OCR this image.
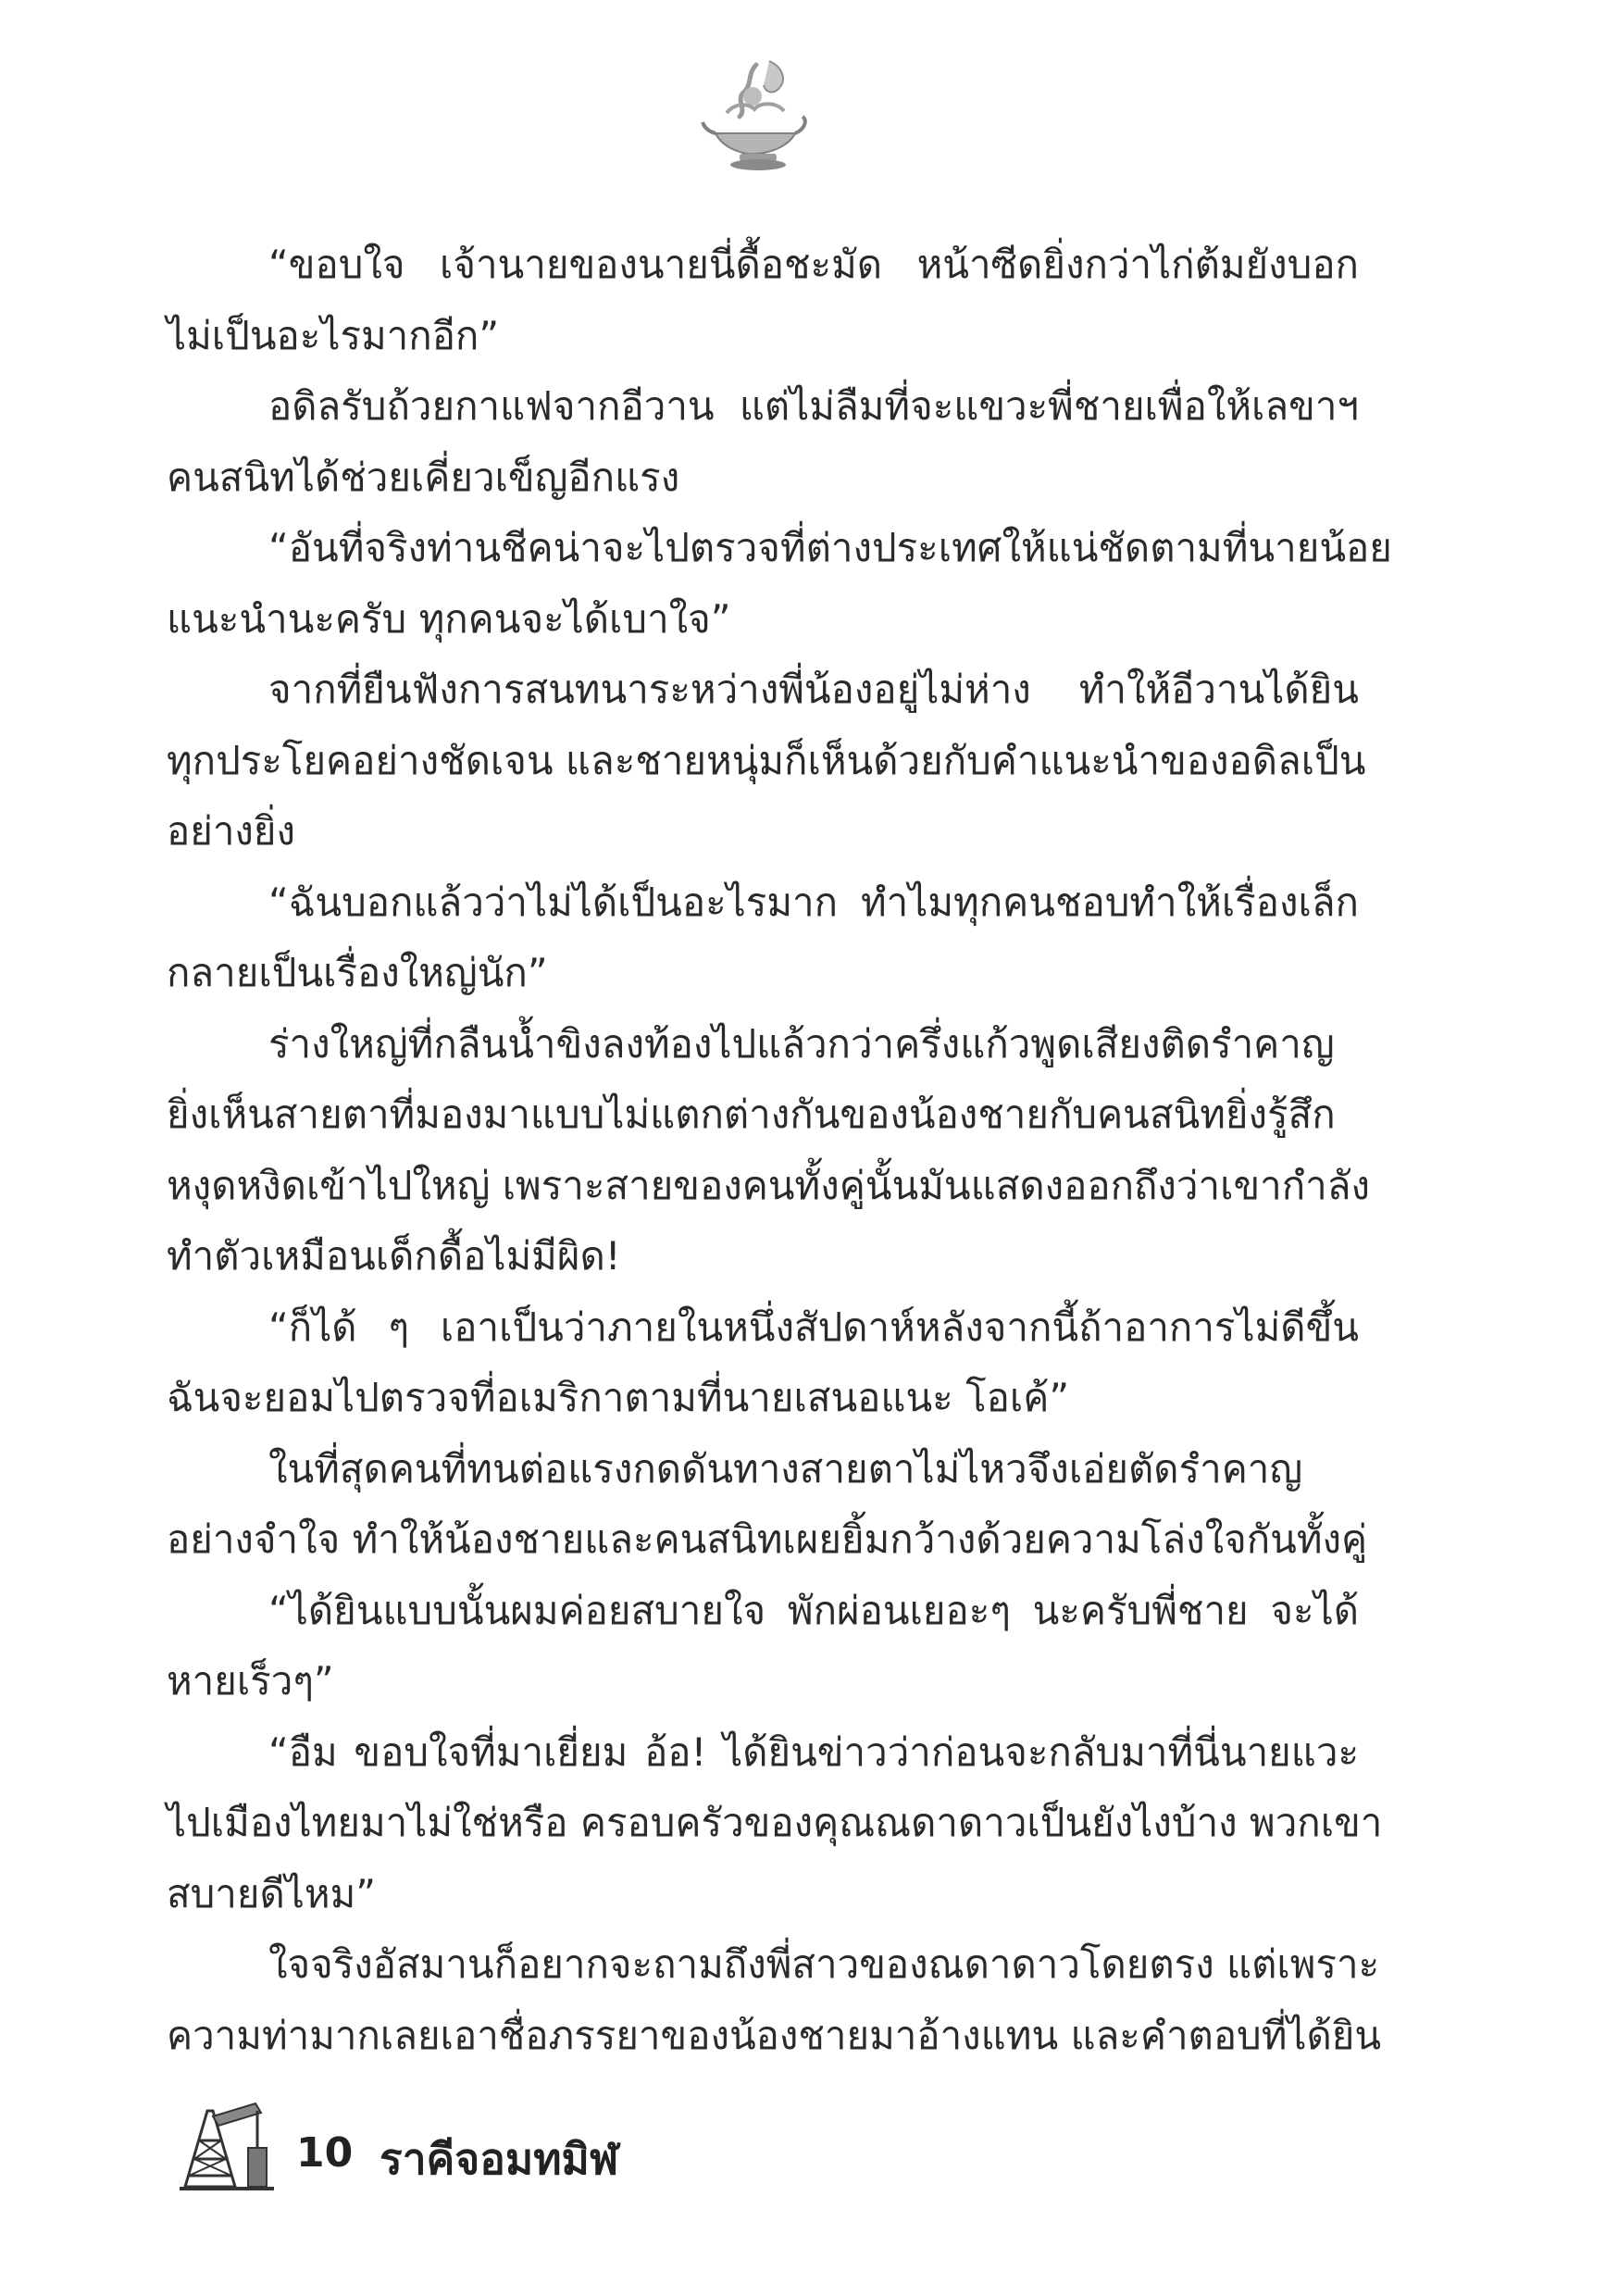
“ขอบใจ เจ้านายของนายนี่ดื้อชะมัด หน้าซีดยิ่งกว่าไก่ต้มยังบอก
ไม่เป็นอะไรมากอีก”
อดิลรับถ้วยกาแฟจากอีวาน แต่ไม่ลืมที่จะแขวะพี่ชายเพื่อให้เลขาฯ
คนสนิทได้ช่วยเคี่ยวเข็ญอีกแรง
“อันที่จริงท่านชีคน่าจะไปตรวจที่ต่างประเทศให้แน่ชัดตามที่นายน้อย
แนะนำนะครับ ทุกคนจะได้เบาใจ”
จากที่ยืนฟังการสนทนาระหว่างพี่น้องอยู่ไม่ห่าง ทำให้อีวานได้ยิน
ทุกประโยคอย่างชัดเจน และชายหนุ่มก็เห็นด้วยกับคำแนะนำของอดิลเป็น
อย่างยิ่ง
“ฉันบอกแล้วว่าไม่ได้เป็นอะไรมาก ทำไมทุกคนชอบทำให้เรื่องเล็ก
กลายเป็นเรื่องใหญ่นัก”
ร่างใหญ่ที่กลืนน้ำขิงลงท้องไปแล้วกว่าครึ่งแก้วพูดเสียงติดรำคาญ
ยิ่งเห็นสายตาที่มองมาแบบไม่แตกต่างกันของน้องชายกับคนสนิทยิ่งรู้สึก
หงุดหงิดเข้าไปใหญ่ เพราะสายของคนทั้งคู่นั้นมันแสดงออกถึงว่าเขากำลัง
ทำตัวเหมือนเด็กดื้อไม่มีผิด!
“ก็ได้ ๆ เอาเป็นว่าภายในหนึ่งสัปดาห์หลังจากนี้ถ้าอาการไม่ดีขึ้น
ฉันจะยอมไปตรวจที่อเมริกาตามที่นายเสนอแนะ โอเค้”
ในที่สุดคนที่ทนต่อแรงกดดันทางสายตาไม่ไหวจึงเอ่ยตัดรำคาญ
อย่างจำใจ ทำให้น้องชายและคนสนิทเผยยิ้มกว้างด้วยความโล่งใจกันทั้งคู่
“ได้ยินแบบนั้นผมค่อยสบายใจ พักผ่อนเยอะๆ นะครับพี่ชาย จะได้
หายเร็วๆ”
“อืม ขอบใจที่มาเยี่ยม อ้อ! ได้ยินข่าวว่าก่อนจะกลับมาที่นี่นายแวะ
ไปเมืองไทยมาไม่ใช่หรือ ครอบครัวของคุณณดาดาวเป็นยังไงบ้าง พวกเขา
สบายดีไหม”
ใจจริงอัสมานก็อยากจะถามถึงพี่สาวของณดาดาวโดยตรง แต่เพราะ
ความท่ามากเลยเอาชื่อภรรยาของน้องชายมาอ้างแทน และคำตอบที่ได้ยิน
10 ราคีจอมทมิฬ
